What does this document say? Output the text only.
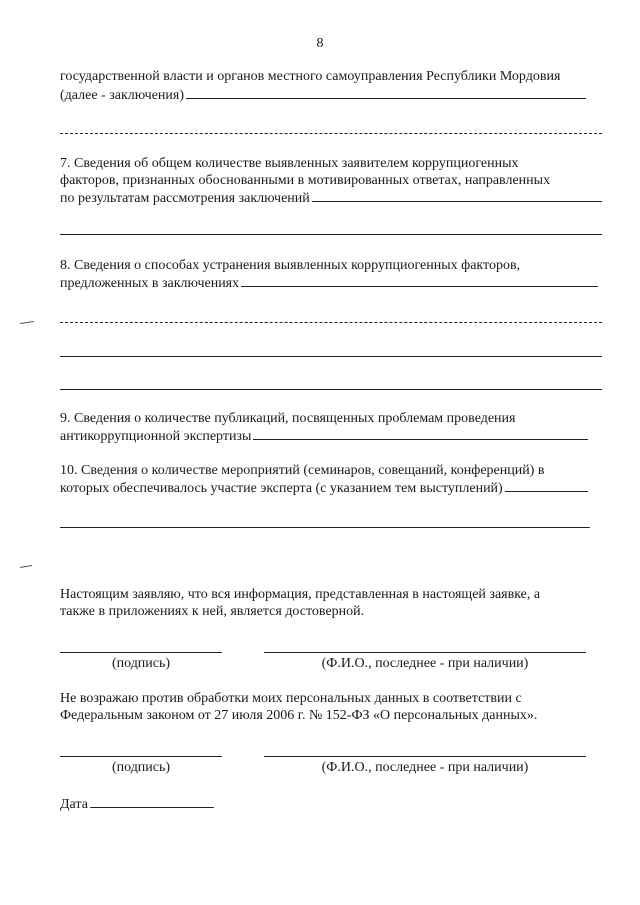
8
государственной власти и органов местного самоуправления Республики Мордовия
(далее - заключения)
7. Сведения об общем количестве выявленных заявителем коррупциогенных
факторов, признанных обоснованными в мотивированных ответах, направленных
по результатам рассмотрения заключений
8. Сведения о способах устранения выявленных коррупциогенных факторов,
предложенных в заключениях
9. Сведения о количестве публикаций, посвященных проблемам проведения
антикоррупционной экспертизы
10. Сведения о количестве мероприятий (семинаров, совещаний, конференций) в
которых обеспечивалось участие эксперта (с указанием тем выступлений)
Настоящим заявляю, что вся информация, представленная в настоящей заявке, а
также в приложениях к ней, является достоверной.
(подпись)	(Ф.И.О., последнее - при наличии)
Не возражаю против обработки моих персональных данных в соответствии с
Федеральным законом от 27 июля 2006 г. № 152-ФЗ «О персональных данных».
(подпись)	(Ф.И.О., последнее - при наличии)
Дата
